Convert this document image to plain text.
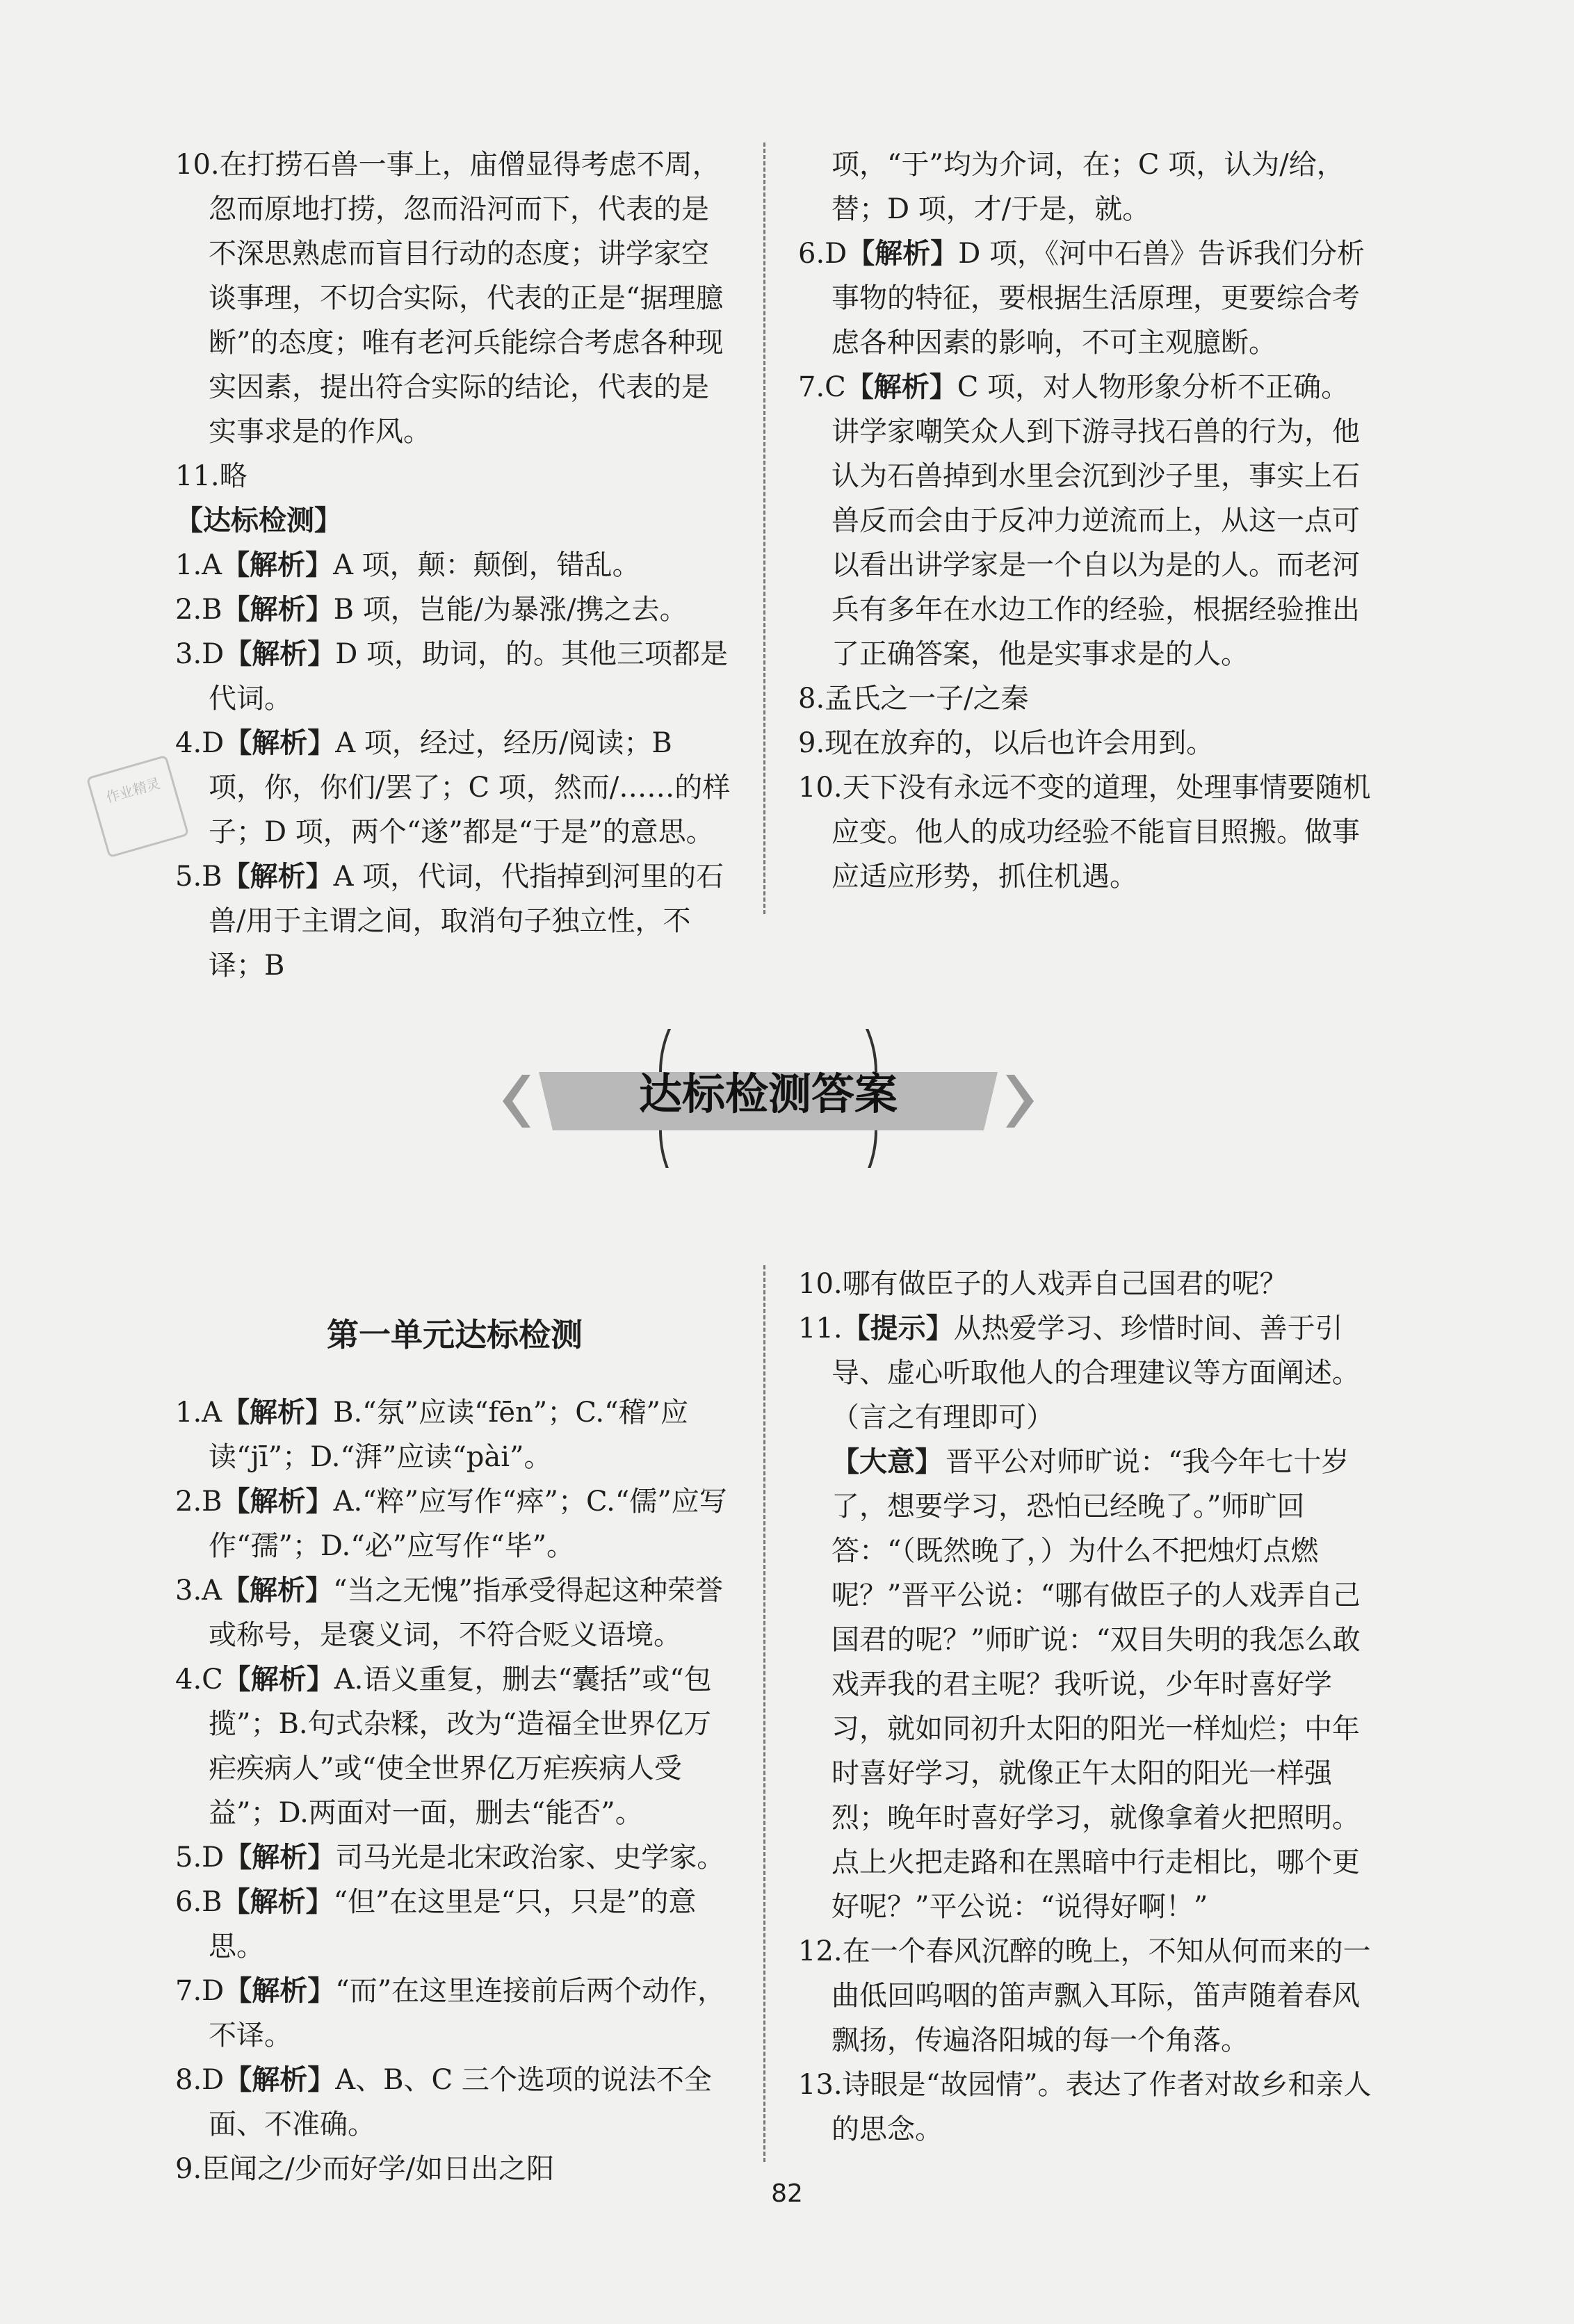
10.在打捞石兽一事上，庙僧显得考虑不周，忽而原地打捞，忽而沿河而下，代表的是不深思熟虑而盲目行动的态度；讲学家空谈事理，不切合实际，代表的正是“据理臆断”的态度；唯有老河兵能综合考虑各种现实因素，提出符合实际的结论，代表的是实事求是的作风。

11.略

【达标检测】

1.A【解析】A 项，颠：颠倒，错乱。

2.B【解析】B 项，岂能/为暴涨/携之去。

3.D【解析】D 项，助词，的。其他三项都是代词。

4.D【解析】A 项，经过，经历/阅读；B 项，你，你们/罢了；C 项，然而/……的样子；D 项，两个“遂”都是“于是”的意思。

5.B【解析】A 项，代词，代指掉到河里的石兽/用于主谓之间，取消句子独立性，不译；B

作业精灵

项，“于”均为介词，在；C 项，认为/给，替；D 项，才/于是，就。

6.D【解析】D 项，《河中石兽》告诉我们分析事物的特征，要根据生活原理，更要综合考虑各种因素的影响，不可主观臆断。

7.C【解析】C 项，对人物形象分析不正确。讲学家嘲笑众人到下游寻找石兽的行为，他认为石兽掉到水里会沉到沙子里，事实上石兽反而会由于反冲力逆流而上，从这一点可以看出讲学家是一个自以为是的人。而老河兵有多年在水边工作的经验，根据经验推出了正确答案，他是实事求是的人。

8.孟氏之一子/之秦

9.现在放弃的，以后也许会用到。

10.天下没有永远不变的道理，处理事情要随机应变。他人的成功经验不能盲目照搬。做事应适应形势，抓住机遇。

达标检测答案
第一单元达标检测

1.A【解析】B.“氛”应读“fēn”；C.“稽”应读“jī”；D.“湃”应读“pài”。

2.B【解析】A.“粹”应写作“瘁”；C.“儒”应写作“孺”；D.“必”应写作“毕”。

3.A【解析】“当之无愧”指承受得起这种荣誉或称号，是褒义词，不符合贬义语境。

4.C【解析】A.语义重复，删去“囊括”或“包揽”；B.句式杂糅，改为“造福全世界亿万疟疾病人”或“使全世界亿万疟疾病人受益”；D.两面对一面，删去“能否”。

5.D【解析】司马光是北宋政治家、史学家。

6.B【解析】“但”在这里是“只，只是”的意思。

7.D【解析】“而”在这里连接前后两个动作，不译。

8.D【解析】A、B、C 三个选项的说法不全面、不准确。

9.臣闻之/少而好学/如日出之阳

10.哪有做臣子的人戏弄自己国君的呢？

11.【提示】从热爱学习、珍惜时间、善于引导、虚心听取他人的合理建议等方面阐述。（言之有理即可）

【大意】 晋平公对师旷说：“我今年七十岁了，想要学习，恐怕已经晚了。”师旷回答：“（既然晚了，）为什么不把烛灯点燃呢？”晋平公说：“哪有做臣子的人戏弄自己国君的呢？”师旷说：“双目失明的我怎么敢戏弄我的君主呢？我听说，少年时喜好学习，就如同初升太阳的阳光一样灿烂；中年时喜好学习，就像正午太阳的阳光一样强烈；晚年时喜好学习，就像拿着火把照明。点上火把走路和在黑暗中行走相比，哪个更好呢？”平公说：“说得好啊！”

12.在一个春风沉醉的晚上，不知从何而来的一曲低回呜咽的笛声飘入耳际，笛声随着春风飘扬，传遍洛阳城的每一个角落。

13.诗眼是“故园情”。表达了作者对故乡和亲人的思念。

82
